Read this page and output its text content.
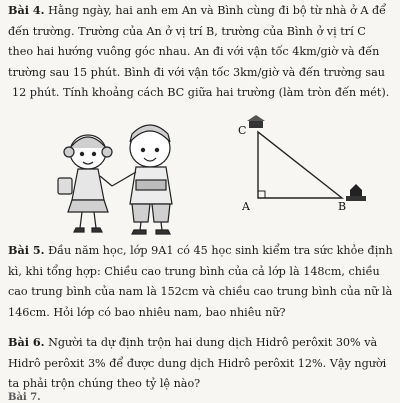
Bài 4. Hằng ngày, hai anh em An và Bình cùng đi bộ từ nhà ở A để

đến trường. Trường của An ở vị trí B, trường của Bình ở vị trí C

theo hai hướng vuông góc nhau. An đi với vận tốc 4km/giờ và đến

trường sau 15 phút. Bình đi với vận tốc 3km/giờ và đến trường sau

12 phút. Tính khoảng cách BC giữa hai trường (làm tròn đến mét).

C
A	B

Bài 5. Đầu năm học, lớp 9A1 có 45 học sinh kiểm tra sức khỏe định

kì, khi tổng hợp: Chiều cao trung bình của cả lớp là 148cm, chiều

cao trung bình của nam là 152cm và chiều cao trung bình của nữ là

146cm. Hỏi lớp có bao nhiêu nam, bao nhiêu nữ?

Bài 6. Người ta dự định trộn hai dung dịch Hidrô perôxit 30% và

Hidrô perôxit 3% để được dung dịch Hidrô perôxit 12%. Vậy người

ta phải trộn chúng theo tỷ lệ nào?

Bài 7.
